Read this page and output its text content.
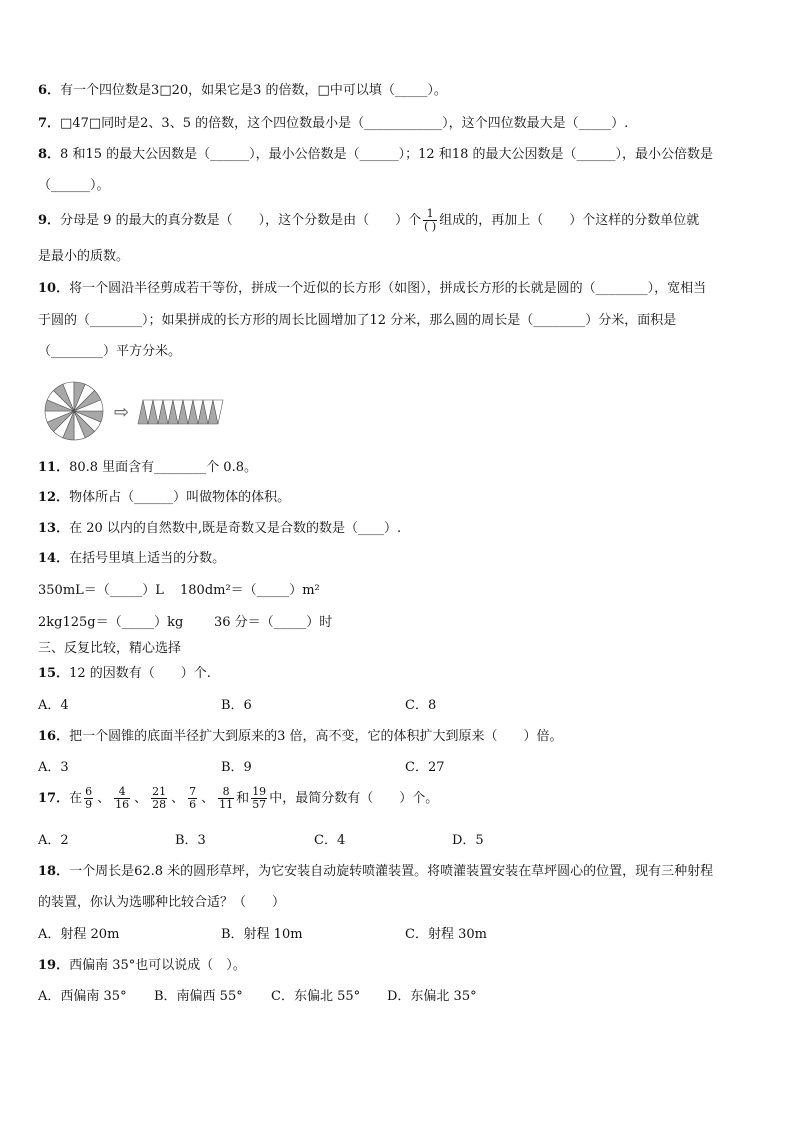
6．有一个四位数是3□20，如果它是3 的倍数，□中可以填（_____）。
7．□47□同时是2、3、5 的倍数，这个四位数最小是（____________），这个四位数最大是（_____）.
8．8 和15 的最大公因数是（______），最小公倍数是（______）；12 和18 的最大公因数是（______），最小公倍数是
（______）。
9．分母是 9 的最大的真分数是（　　），这个分数是由（　　）个 $\frac{1}{( )}$ 组成的，再加上（　　）个这样的分数单位就
是最小的质数。
10．将一个圆沿半径剪成若干等份，拼成一个近似的长方形（如图），拼成长方形的长就是圆的（________），宽相当
于圆的（________）；如果拼成的长方形的周长比圆增加了12 分米，那么圆的周长是（________）分米，面积是
（________）平方分米。
⇨
11．80.8 里面含有________个 0.8。
12．物体所占（______）叫做物体的体积。
13．在 20 以内的自然数中,既是奇数又是合数的数是（____）.
14．在括号里填上适当的分数。
350mL＝（_____）L 180dm²＝（_____）m²
2kg125g＝（_____）kg 36 分＝（_____）时
三、反复比较，精心选择
15．12 的因数有（　　）个.
A．4	B．6	C．8
16．把一个圆锥的底面半径扩大到原来的3 倍，高不变，它的体积扩大到原来（　　）倍。
A．3	B．9	C．27
17．在 $\frac{6}{9}$ 、 $\frac{4}{16}$ 、 $\frac{21}{28}$ 、 $\frac{7}{6}$ 、 $\frac{8}{11}$ 和 $\frac{19}{57}$ 中，最简分数有（　　）个。
A．2	B．3	C．4	D．5
18．一个周长是62.8 米的圆形草坪，为它安装自动旋转喷灌装置。将喷灌装置安装在草坪圆心的位置，现有三种射程
的装置，你认为选哪种比较合适？（　　）
A．射程 20m	B．射程 10m	C．射程 30m
19．西偏南 35°也可以说成（　）。
A．西偏南 35° B．南偏西 55° C．东偏北 55° D．东偏北 35°
